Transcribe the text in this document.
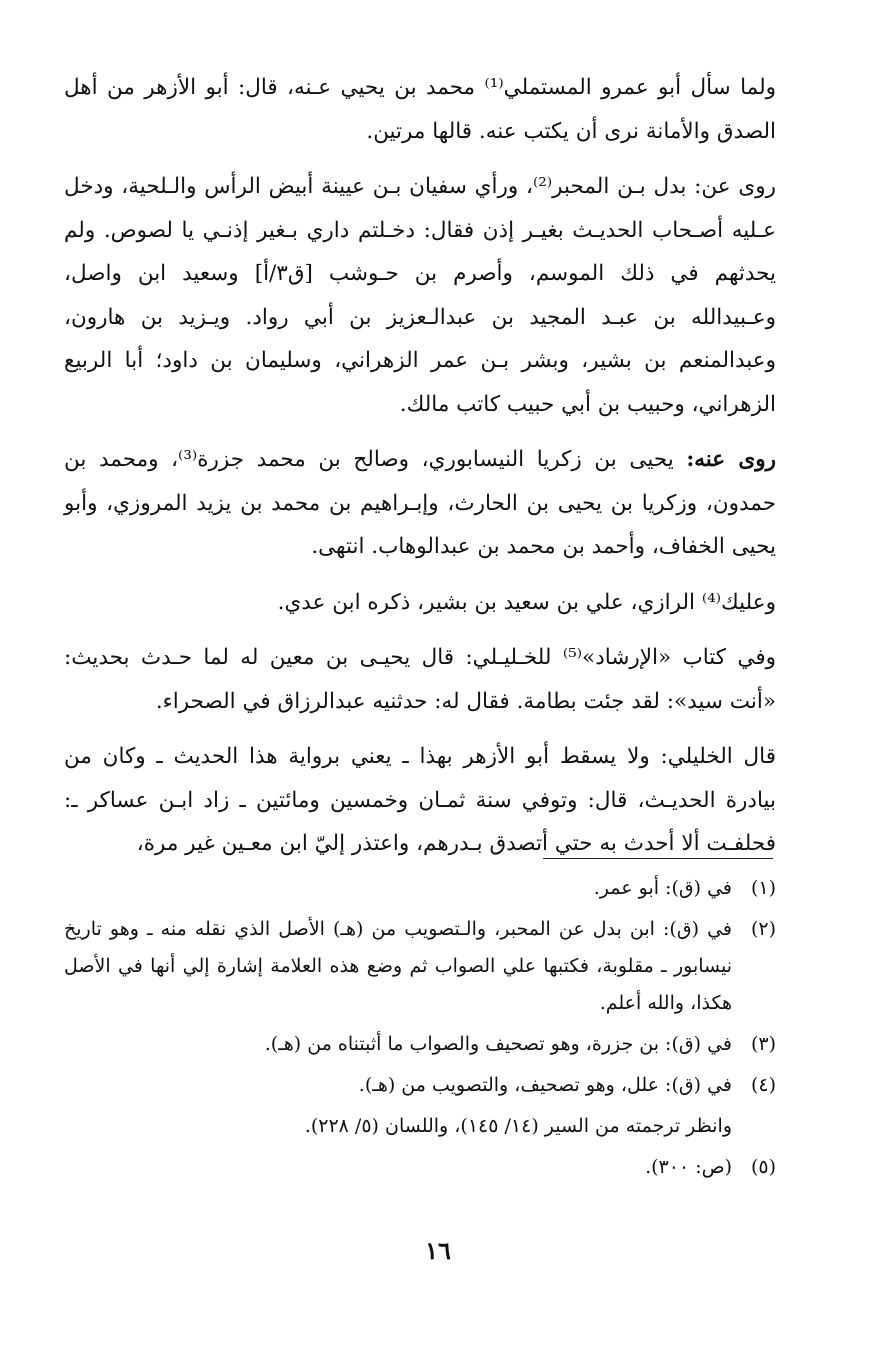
ولما سأل أبو عمرو المستملي⁽¹⁾ محمد بن يحيي عـنه، قال: أبو الأزهر من أهل الصدق والأمانة نرى أن يكتب عنه. قالها مرتين.

روى عن: بدل بـن المحبر⁽²⁾، ورأي سفيان بـن عيينة أبيض الرأس والـلحية، ودخل عـليه أصـحاب الحديـث بغيـر إذن فقال: دخـلتم داري بـغير إذنـي يا لصوص. ولم يحدثهم في ذلك الموسم، وأصرم بن حـوشب [ق٣/أ] وسعيد ابن واصل، وعـبيدالله بن عبـد المجيد بن عبدالـعزيز بن أبي رواد. ويـزيد بن هارون، وعبدالمنعم بن بشير، وبشر بـن عمر الزهراني، وسليمان بن داود؛ أبا الربيع الزهراني، وحبيب بن أبي حبيب كاتب مالك.

روى عنه: يحيى بن زكريا النيسابوري، وصالح بن محمد جزرة⁽³⁾، ومحمد بن حمدون، وزكريا بن يحيى بن الحارث، وإبـراهيم بن محمد بن يزيد المروزي، وأبو يحيى الخفاف، وأحمد بن محمد بن عبدالوهاب. انتهى.

وعليك⁽⁴⁾ الرازي، علي بن سعيد بن بشير، ذكره ابن عدي.

وفي كتاب «الإرشاد»⁽⁵⁾ للخـليـلي: قال يحيـى بن معين له لما حـدث بحديث: «أنت سيد»: لقد جئت بطامة. فقال له: حدثنيه عبدالرزاق في الصحراء.

قال الخليلي: ولا يسقط أبو الأزهر بهذا ـ يعني برواية هذا الحديث ـ وكان من بيادرة الحديـث، قال: وتوفي سنة ثمـان وخمسين ومائتين ـ زاد ابـن عساكر ـ: فحلفـت ألا أحدث به حتي أتصدق بـدرهم، واعتذر إليّ ابن معـين غير مرة،

(١)
في (ق): أبو عمر.
(٢)
في (ق): ابن بدل عن المحبر، والـتصويب من (هـ) الأصل الذي نقله منه ـ وهو تاريخ نيسابور ـ مقلوبة، فكتبها علي الصواب ثم وضع هذه العلامة إشارة إلي أنها في الأصل هكذا، والله أعلم.
(٣)
في (ق): بن جزرة، وهو تصحيف والصواب ما أثبتناه من (هـ).
(٤)
في (ق): علل، وهو تصحيف، والتصويب من (هـ).
وانظر ترجمته من السير (١٤/ ١٤٥)، واللسان (٥/ ٢٢٨).
(٥)
(ص: ٣٠٠).
١٦
